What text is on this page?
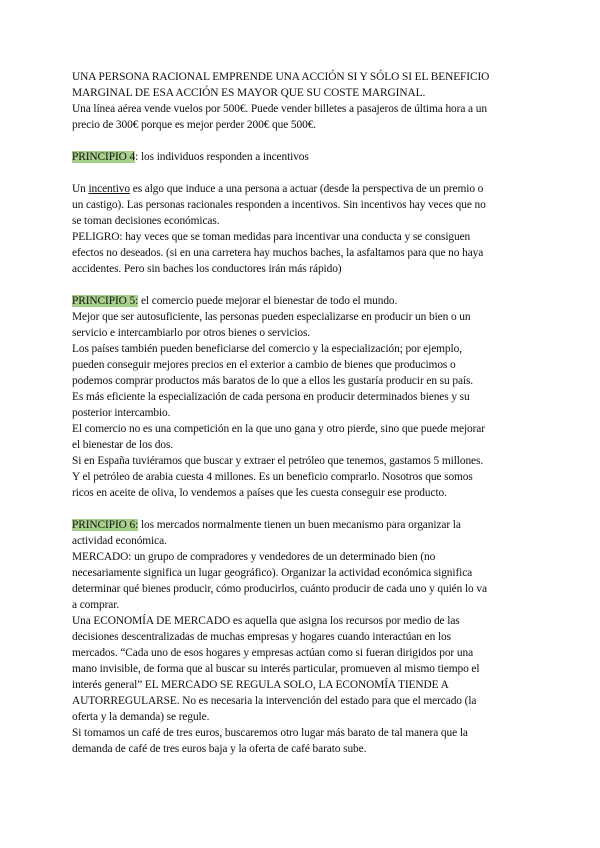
UNA PERSONA RACIONAL EMPRENDE UNA ACCIÓN SI Y SÓLO SI EL BENEFICIO

MARGINAL DE ESA ACCIÓN ES MAYOR QUE SU COSTE MARGINAL.

Una línea aérea vende vuelos por 500€. Puede vender billetes a pasajeros de última hora a un

precio de 300€ porque es mejor perder 200€ que 500€.

PRINCIPIO 4: los individuos responden a incentivos

Un incentivo es algo que induce a una persona a actuar (desde la perspectiva de un premio o

un castigo). Las personas racionales responden a incentivos. Sin incentivos hay veces que no

se toman decisiones económicas.

PELIGRO: hay veces que se toman medidas para incentivar una conducta y se consiguen

efectos no deseados. (si en una carretera hay muchos baches, la asfaltamos para que no haya

accidentes. Pero sin baches los conductores irán más rápido)

PRINCIPIO 5: el comercio puede mejorar el bienestar de todo el mundo.

Mejor que ser autosuficiente, las personas pueden especializarse en producir un bien o un

servicio e intercambiarlo por otros bienes o servicios.

Los países también pueden beneficiarse del comercio y la especialización; por ejemplo,

pueden conseguir mejores precios en el exterior a cambio de bienes que producimos o

podemos comprar productos más baratos de lo que a ellos les gustaría producir en su país.

Es más eficiente la especialización de cada persona en producir determinados bienes y su

posterior intercambio.

El comercio no es una competición en la que uno gana y otro pierde, sino que puede mejorar

el bienestar de los dos.

Si en España tuviéramos que buscar y extraer el petróleo que tenemos, gastamos 5 millones.

Y el petróleo de arabia cuesta 4 millones. Es un beneficio comprarlo. Nosotros que somos

ricos en aceite de oliva, lo vendemos a países que les cuesta conseguir ese producto.

PRINCIPIO 6: los mercados normalmente tienen un buen mecanismo para organizar la

actividad económica.

MERCADO: un grupo de compradores y vendedores de un determinado bien (no

necesariamente significa un lugar geográfico). Organizar la actividad económica significa

determinar qué bienes producir, cómo producirlos, cuánto producir de cada uno y quién lo va

a comprar.

Una ECONOMÍA DE MERCADO es aquella que asigna los recursos por medio de las

decisiones descentralizadas de muchas empresas y hogares cuando interactúan en los

mercados. “Cada uno de esos hogares y empresas actúan como si fueran dirigidos por una

mano invisible, de forma que al buscar su interés particular, promueven al mismo tiempo el

interés general” EL MERCADO SE REGULA SOLO, LA ECONOMÍA TIENDE A

AUTORREGULARSE. No es necesaria la intervención del estado para que el mercado (la

oferta y la demanda) se regule.

Si tomamos un café de tres euros, buscaremos otro lugar más barato de tal manera que la

demanda de café de tres euros baja y la oferta de café barato sube.
